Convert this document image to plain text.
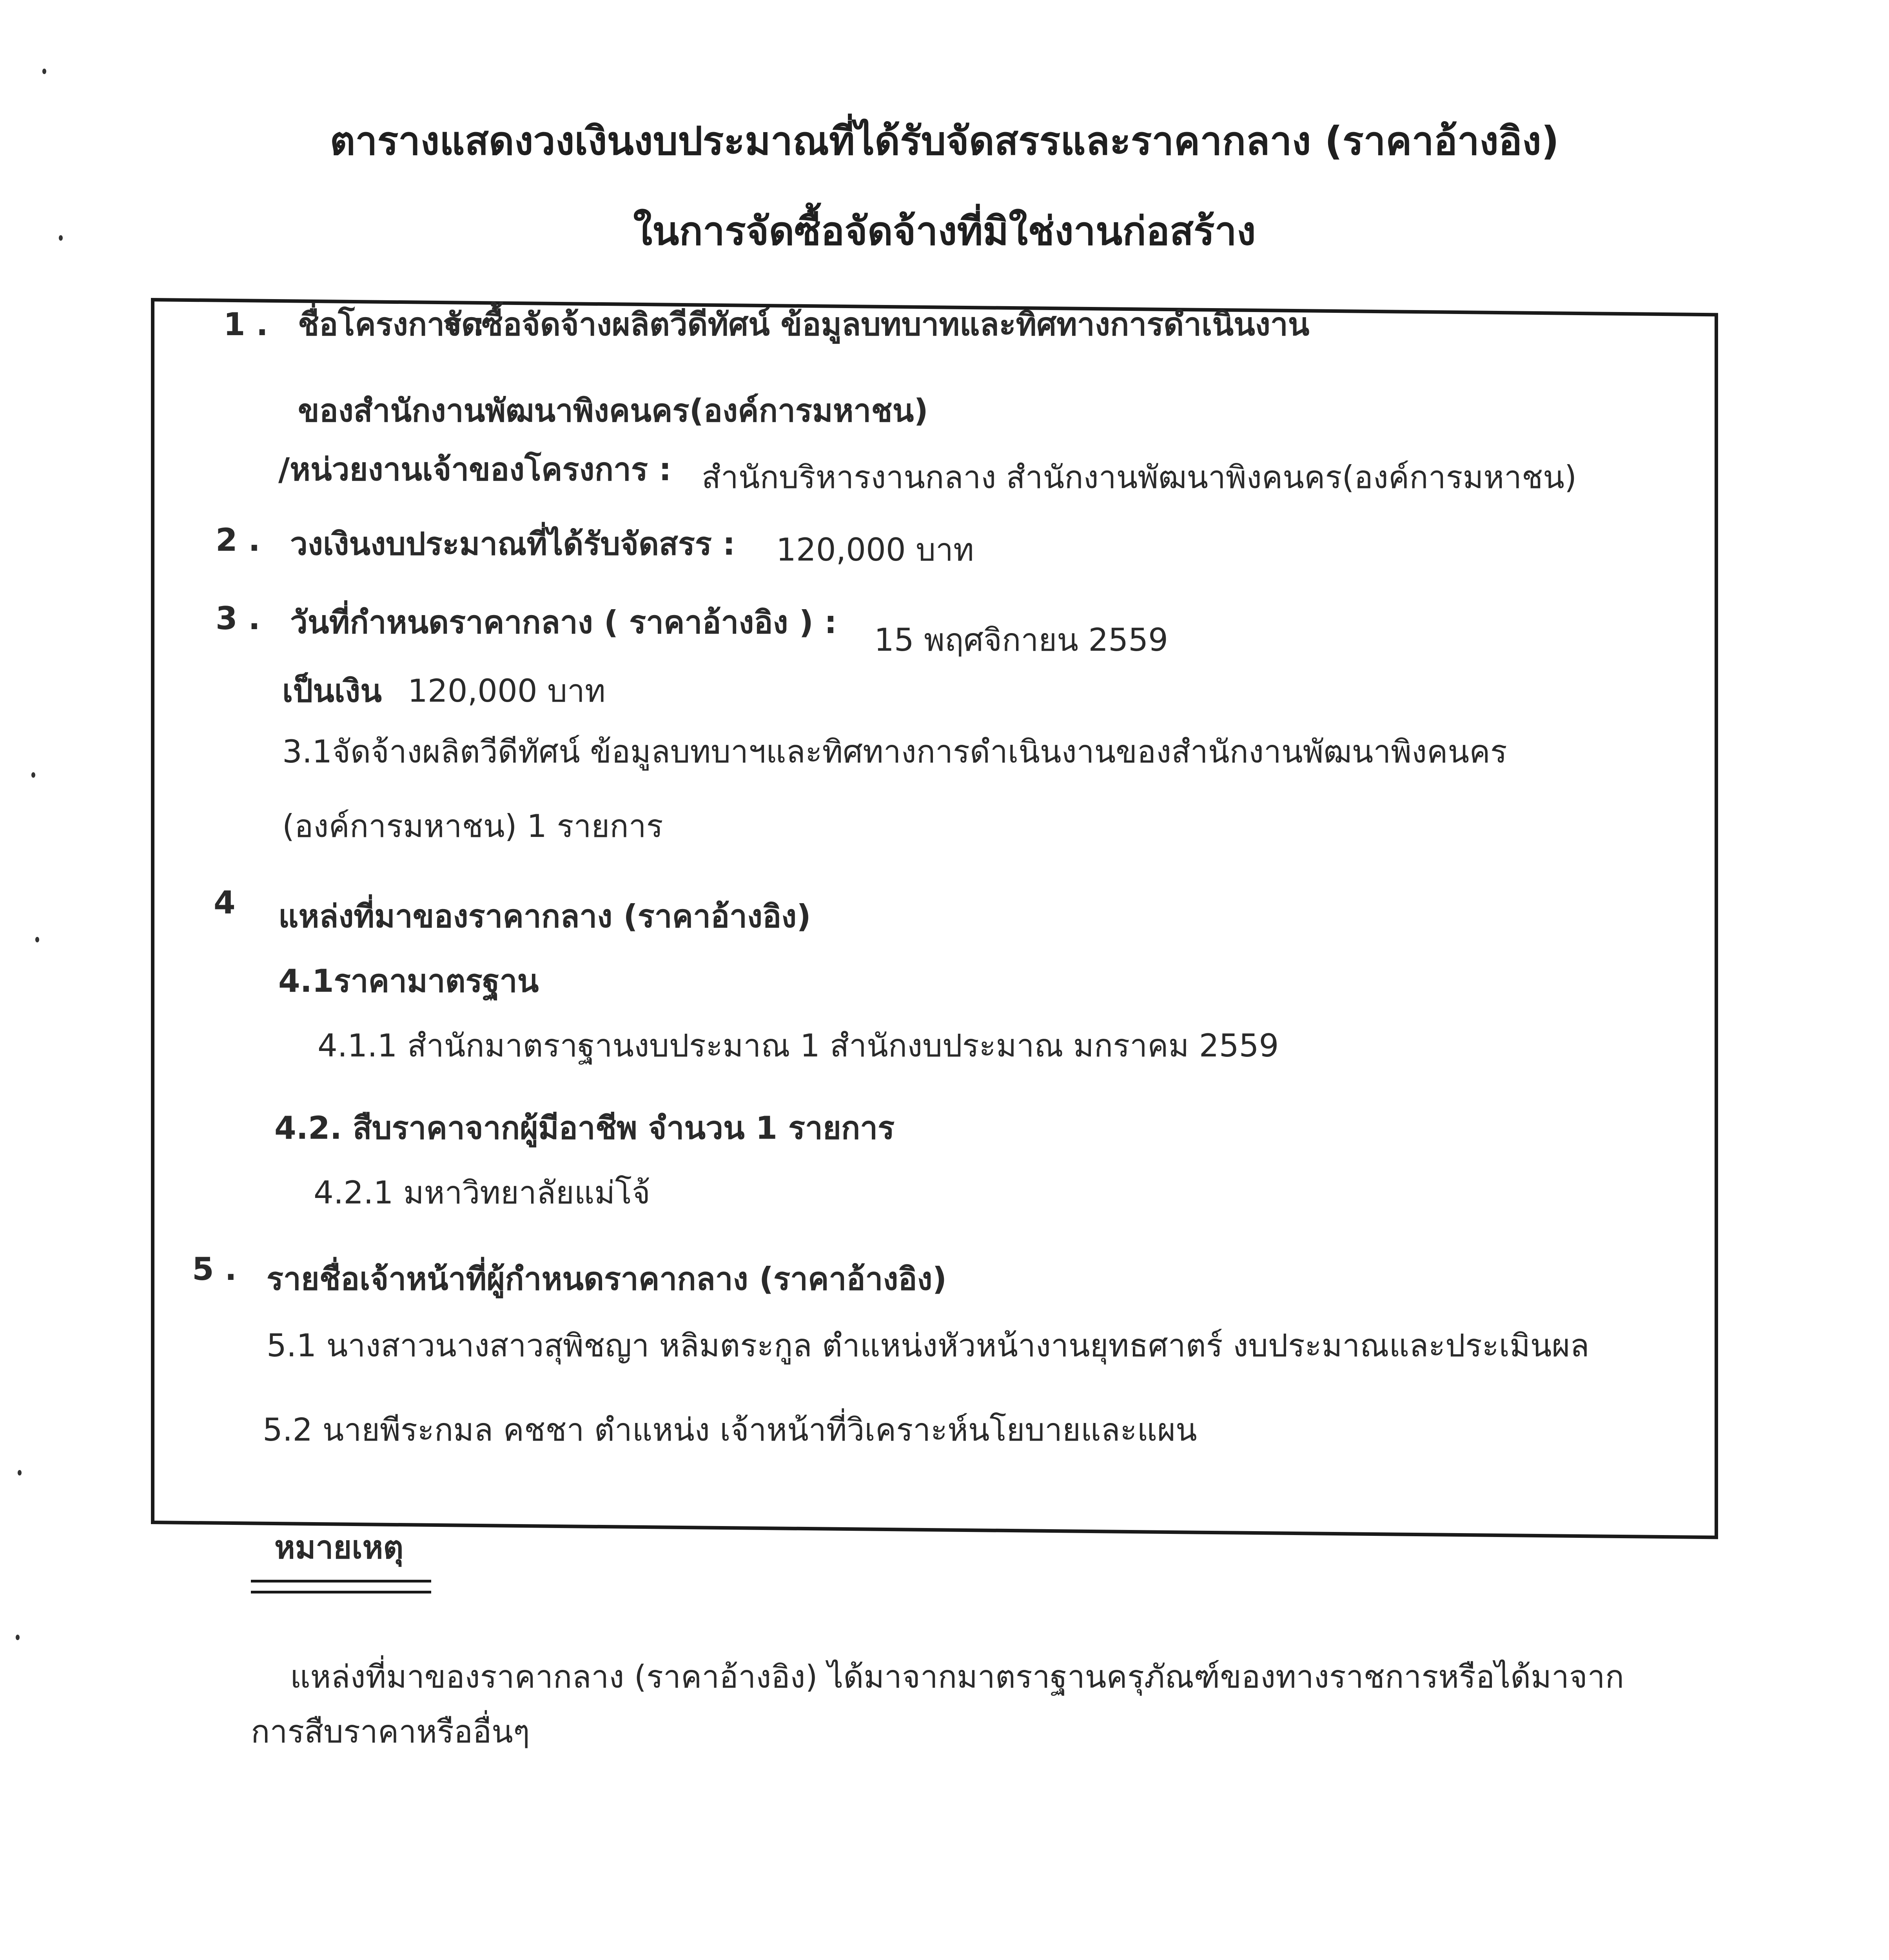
ตารางแสดงวงเงินงบประมาณที่ได้รับจัดสรรและราคากลาง (ราคาอ้างอิง)
ในการจัดซื้อจัดจ้างที่มิใช่งานก่อสร้าง
1 . ชื่อโครงการ :
จัดซื้อจัดจ้างผลิตวีดีทัศน์ ข้อมูลบทบาทและทิศทางการดำเนินงาน
ของสำนักงานพัฒนาพิงคนคร(องค์การมหาชน)
/หน่วยงานเจ้าของโครงการ : สำนักบริหารงานกลาง สำนักงานพัฒนาพิงคนคร(องค์การมหาชน)
2 . วงเงินงบประมาณที่ได้รับจัดสรร : 120,000 บาท
3 . วันที่กำหนดราคากลาง ( ราคาอ้างอิง ) : 15 พฤศจิกายน 2559
เป็นเงิน 120,000 บาท
3.1จัดจ้างผลิตวีดีทัศน์ ข้อมูลบทบาฯและทิศทางการดำเนินงานของสำนักงานพัฒนาพิงคนคร
(องค์การมหาชน) 1 รายการ
4 แหล่งที่มาของราคากลาง (ราคาอ้างอิง)
4.1ราคามาตรฐาน
4.1.1 สำนักมาตราฐานงบประมาณ 1 สำนักงบประมาณ มกราคม 2559
4.2. สืบราคาจากผู้มีอาชีพ จำนวน 1 รายการ
4.2.1 มหาวิทยาลัยแม่โจ้
5 . รายชื่อเจ้าหน้าที่ผู้กำหนดราคากลาง (ราคาอ้างอิง)
5.1 นางสาวนางสาวสุพิชญา หลิมตระกูล ตำแหน่งหัวหน้างานยุทธศาตร์ งบประมาณและประเมินผล
5.2 นายพีระกมล คชชา ตำแหน่ง เจ้าหน้าที่วิเคราะห์นโยบายและแผน
หมายเหตุ
แหล่งที่มาของราคากลาง (ราคาอ้างอิง) ได้มาจากมาตราฐานครุภัณฑ์ของทางราชการหรือได้มาจาก
การสืบราคาหรืออื่นๆ
